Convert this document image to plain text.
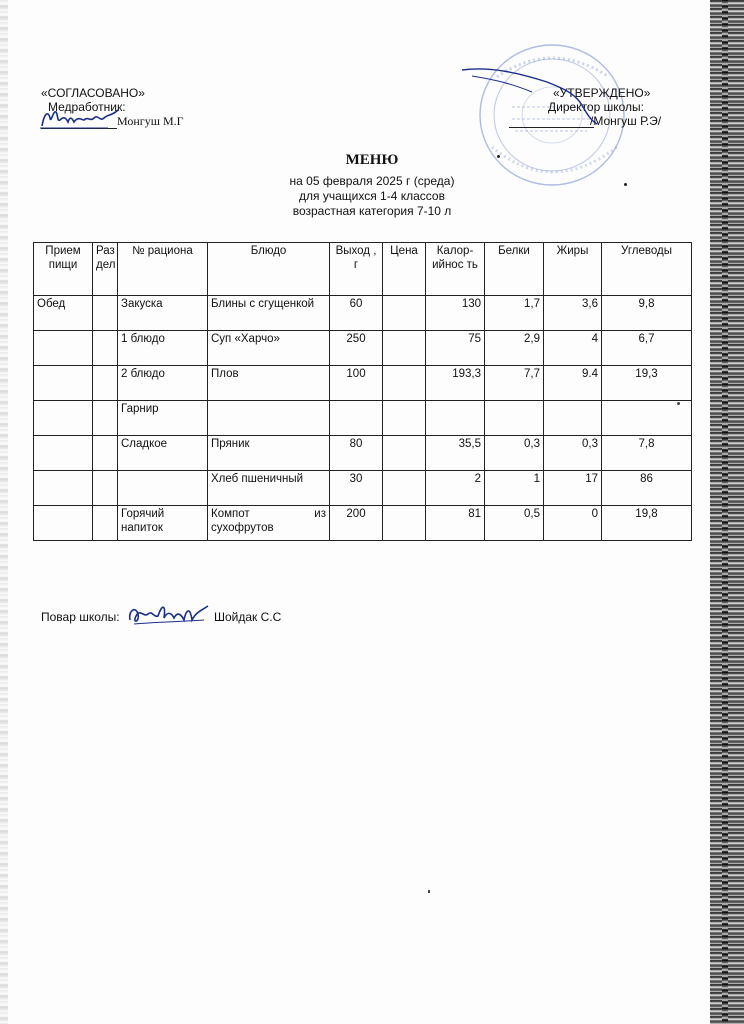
«СОГЛАСОВАНО»
Медработник:
Монгуш М.Г
«УТВЕРЖДЕНО»
Директор школы:
/Монгуш Р.Э/
МЕНЮ
на 05 февраля 2025 г (среда)
для учащихся 1-4 классов
возрастная категория 7-10 л
Прием пищи	Раз дел	№ рациона	Блюдо	Выход , г	Цена	Калор- ийнос ть	Белки	Жиры	Углеводы
Обед		Закуска	Блины с сгущенкой	60		130	1,7	3,6	9,8
		1 блюдо	Суп «Харчо»	250		75	2,9	4	6,7
		2 блюдо	Плов	100		193,3	7,7	9.4	19,3
		Гарнир							
		Сладкое	Пряник	80		35,5	0,3	0,3	7,8
			Хлеб пшеничный	30		2	1	17	86
		Горячий напиток	Компот из сухофрутов	200		81	0,5	0	19,8
Повар школы:	Шойдак С.С
